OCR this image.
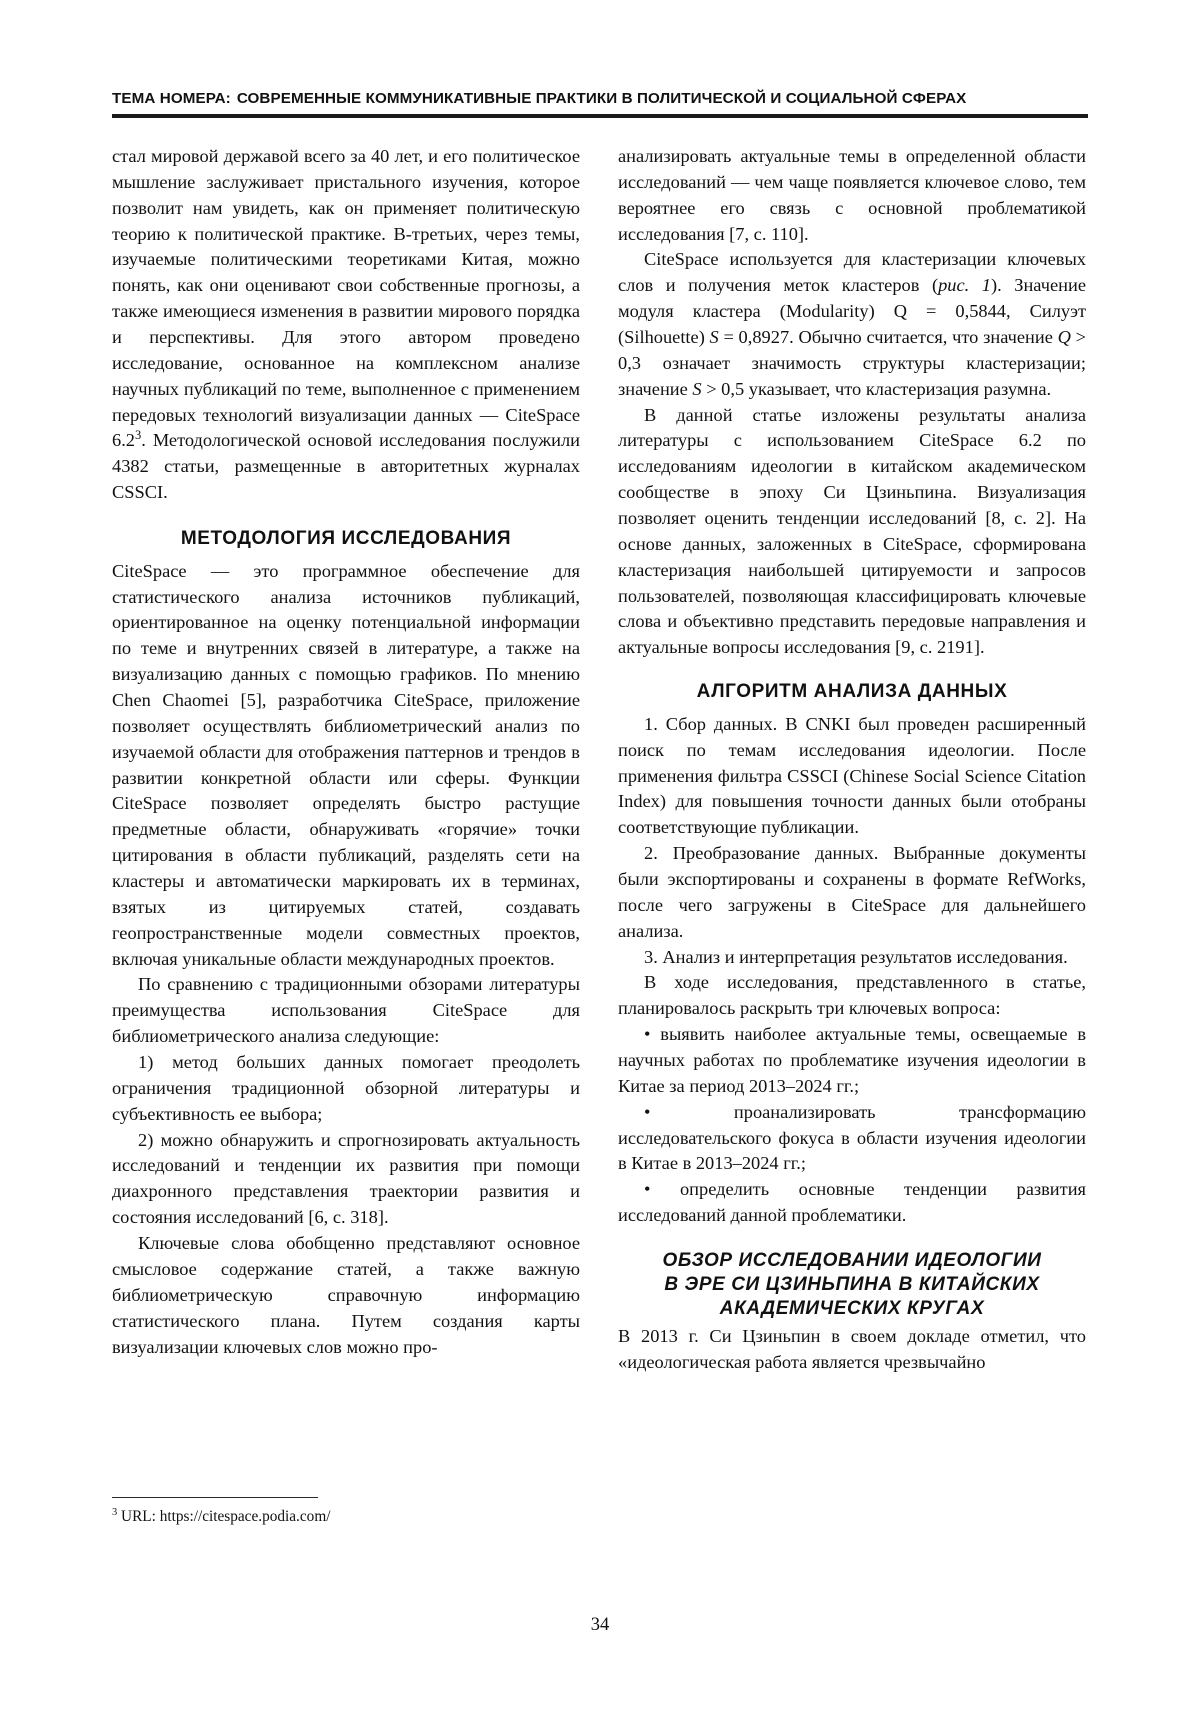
ТЕМА НОМЕРА: СОВРЕМЕННЫЕ КОММУНИКАТИВНЫЕ ПРАКТИКИ В ПОЛИТИЧЕСКОЙ И СОЦИАЛЬНОЙ СФЕРАХ

стал мировой державой всего за 40 лет, и его политическое мышление заслуживает пристального изучения, которое позволит нам увидеть, как он применяет политическую теорию к политической практике. В-третьих, через темы, изучаемые политическими теоретиками Китая, можно понять, как они оценивают свои собственные прогнозы, а также имеющиеся изменения в развитии мирового порядка и перспективы. Для этого автором проведено исследование, основанное на комплексном анализе научных публикаций по теме, выполненное с применением передовых технологий визуализации данных — CiteSpace $6.2^3$. Методологической основой исследования послужили 4382 статьи, размещенные в авторитетных журналах CSSCI.

МЕТОДОЛОГИЯ ИССЛЕДОВАНИЯ

CiteSpace — это программное обеспечение для статистического анализа источников публикаций, ориентированное на оценку потенциальной информации по теме и внутренних связей в литературе, а также на визуализацию данных с помощью графиков. По мнению Chen Chaomei [5], разработчика CiteSpace, приложение позволяет осуществлять библиометрический анализ по изучаемой области для отображения паттернов и трендов в развитии конкретной области или сферы. Функции CiteSpace позволяет определять быстро растущие предметные области, обнаруживать «горячие» точки цитирования в области публикаций, разделять сети на кластеры и автоматически маркировать их в терминах, взятых из цитируемых статей, создавать геопространственные модели совместных проектов, включая уникальные области международных проектов.

По сравнению с традиционными обзорами литературы преимущества использования CiteSpace для библиометрического анализа следующие:

1) метод больших данных помогает преодолеть ограничения традиционной обзорной литературы и субъективность ее выбора;

2) можно обнаружить и спрогнозировать актуальность исследований и тенденции их развития при помощи диахронного представления траектории развития и состояния исследований [6, с. 318].

Ключевые слова обобщенно представляют основное смысловое содержание статей, а также важную библиометрическую справочную информацию статистического плана. Путем создания карты визуализации ключевых слов можно про-

анализировать актуальные темы в определенной области исследований — чем чаще появляется ключевое слово, тем вероятнее его связь с основной проблематикой исследования [7, с. 110].

CiteSpace используется для кластеризации ключевых слов и получения меток кластеров (рис. 1). Значение модуля кластера (Modularity) Q = 0,5844, Силуэт (Silhouette) S = 0,8927. Обычно считается, что значение Q > 0,3 означает значимость структуры кластеризации; значение S > 0,5 указывает, что кластеризация разумна.

В данной статье изложены результаты анализа литературы с использованием CiteSpace 6.2 по исследованиям идеологии в китайском академическом сообществе в эпоху Си Цзиньпина. Визуализация позволяет оценить тенденции исследований [8, с. 2]. На основе данных, заложенных в CiteSpace, сформирована кластеризация наибольшей цитируемости и запросов пользователей, позволяющая классифицировать ключевые слова и объективно представить передовые направления и актуальные вопросы исследования [9, с. 2191].

АЛГОРИТМ АНАЛИЗА ДАННЫХ

1. Сбор данных. В CNKI был проведен расширенный поиск по темам исследования идеологии. После применения фильтра CSSCI (Chinese Social Science Citation Index) для повышения точности данных были отобраны соответствующие публикации.

2. Преобразование данных. Выбранные документы были экспортированы и сохранены в формате RefWorks, после чего загружены в CiteSpace для дальнейшего анализа.

3. Анализ и интерпретация результатов исследования.

В ходе исследования, представленного в статье, планировалось раскрыть три ключевых вопроса:

• выявить наиболее актуальные темы, освещаемые в научных работах по проблематике изучения идеологии в Китае за период 2013–2024 гг.;

• проанализировать трансформацию исследовательского фокуса в области изучения идеологии в Китае в 2013–2024 гг.;

• определить основные тенденции развития исследований данной проблематики.

ОБЗОР ИССЛЕДОВАНИИ ИДЕОЛОГИИ
В ЭРЕ СИ ЦЗИНЬПИНА В КИТАЙСКИХ
АКАДЕМИЧЕСКИХ КРУГАХ

В 2013 г. Си Цзиньпин в своем докладе отметил, что «идеологическая работа является чрезвычайно

$^3$ URL: https://citespace.podia.com/
34
